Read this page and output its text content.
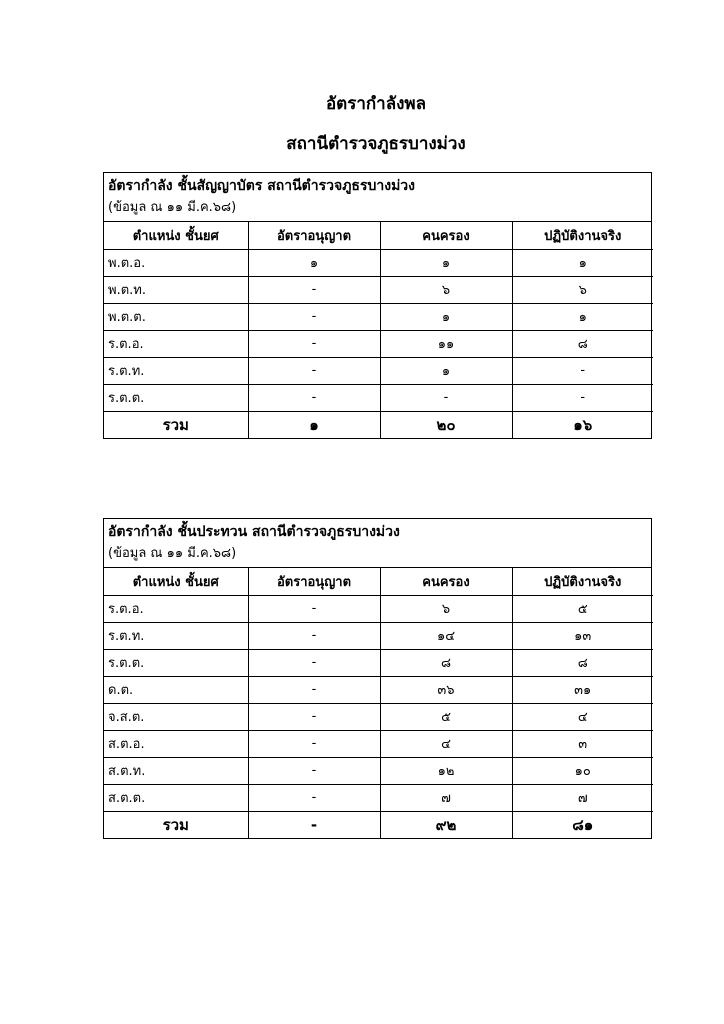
อัตรากำลังพล
สถานีตำรวจภูธรบางม่วง
อัตรากำลัง ชั้นสัญญาบัตร สถานีตำรวจภูธรบางม่วง
(ข้อมูล ณ ๑๑ มี.ค.๖๘)
ตำแหน่ง ชั้นยศ	อัตราอนุญาต	คนครอง	ปฏิบัติงานจริง
พ.ต.อ.	๑	๑	๑
พ.ต.ท.	-	๖	๖
พ.ต.ต.	-	๑	๑
ร.ต.อ.	-	๑๑	๘
ร.ต.ท.	-	๑	-
ร.ต.ต.	-	-	-
รวม	๑	๒๐	๑๖
อัตรากำลัง ชั้นประทวน สถานีตำรวจภูธรบางม่วง
(ข้อมูล ณ ๑๑ มี.ค.๖๘)
ตำแหน่ง ชั้นยศ	อัตราอนุญาต	คนครอง	ปฏิบัติงานจริง
ร.ต.อ.	-	๖	๕
ร.ต.ท.	-	๑๔	๑๓
ร.ต.ต.	-	๘	๘
ด.ต.	-	๓๖	๓๑
จ.ส.ต.	-	๕	๔
ส.ต.อ.	-	๔	๓
ส.ต.ท.	-	๑๒	๑๐
ส.ต.ต.	-	๗	๗
รวม	-	๙๒	๘๑
